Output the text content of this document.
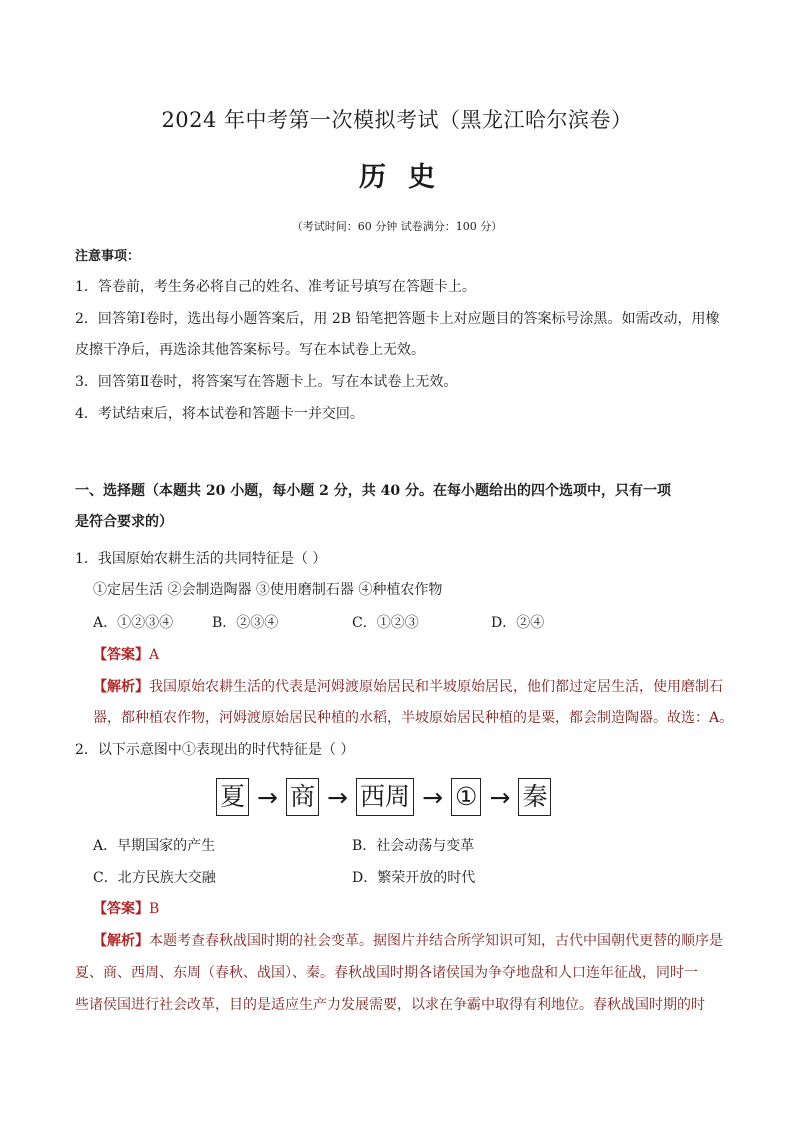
2024 年中考第一次模拟考试（黑龙江哈尔滨卷）
历史
（考试时间：60 分钟 试卷满分：100 分）
注意事项：
1．答卷前，考生务必将自己的姓名、准考证号填写在答题卡上。
2．回答第Ⅰ卷时，选出每小题答案后，用 2B 铅笔把答题卡上对应题目的答案标号涂黑。如需改动，用橡
皮擦干净后，再选涂其他答案标号。写在本试卷上无效。
3．回答第Ⅱ卷时，将答案写在答题卡上。写在本试卷上无效。
4．考试结束后，将本试卷和答题卡一并交回。
一、选择题（本题共 20 小题，每小题 2 分，共 40 分。在每小题给出的四个选项中，只有一项
是符合要求的）
1．我国原始农耕生活的共同特征是（ ）
①定居生活 ②会制造陶器 ③使用磨制石器 ④种植农作物
A．①②③④	B．②③④	C．①②③	D．②④
【答案】A
【解析】我国原始农耕生活的代表是河姆渡原始居民和半坡原始居民，他们都过定居生活，使用磨制石
器，都种植农作物，河姆渡原始居民种植的水稻，半坡原始居民种植的是粟，都会制造陶器。故选：A。
2．以下示意图中①表现出的时代特征是（ ）
夏 → 商 → 西周 → ① → 秦
A．早期国家的产生	B．社会动荡与变革
C．北方民族大交融	D．繁荣开放的时代
【答案】B
【解析】本题考查春秋战国时期的社会变革。据图片并结合所学知识可知，古代中国朝代更替的顺序是
夏、商、西周、东周（春秋、战国）、秦。春秋战国时期各诸侯国为争夺地盘和人口连年征战，同时一
些诸侯国进行社会改革，目的是适应生产力发展需要，以求在争霸中取得有利地位。春秋战国时期的时
